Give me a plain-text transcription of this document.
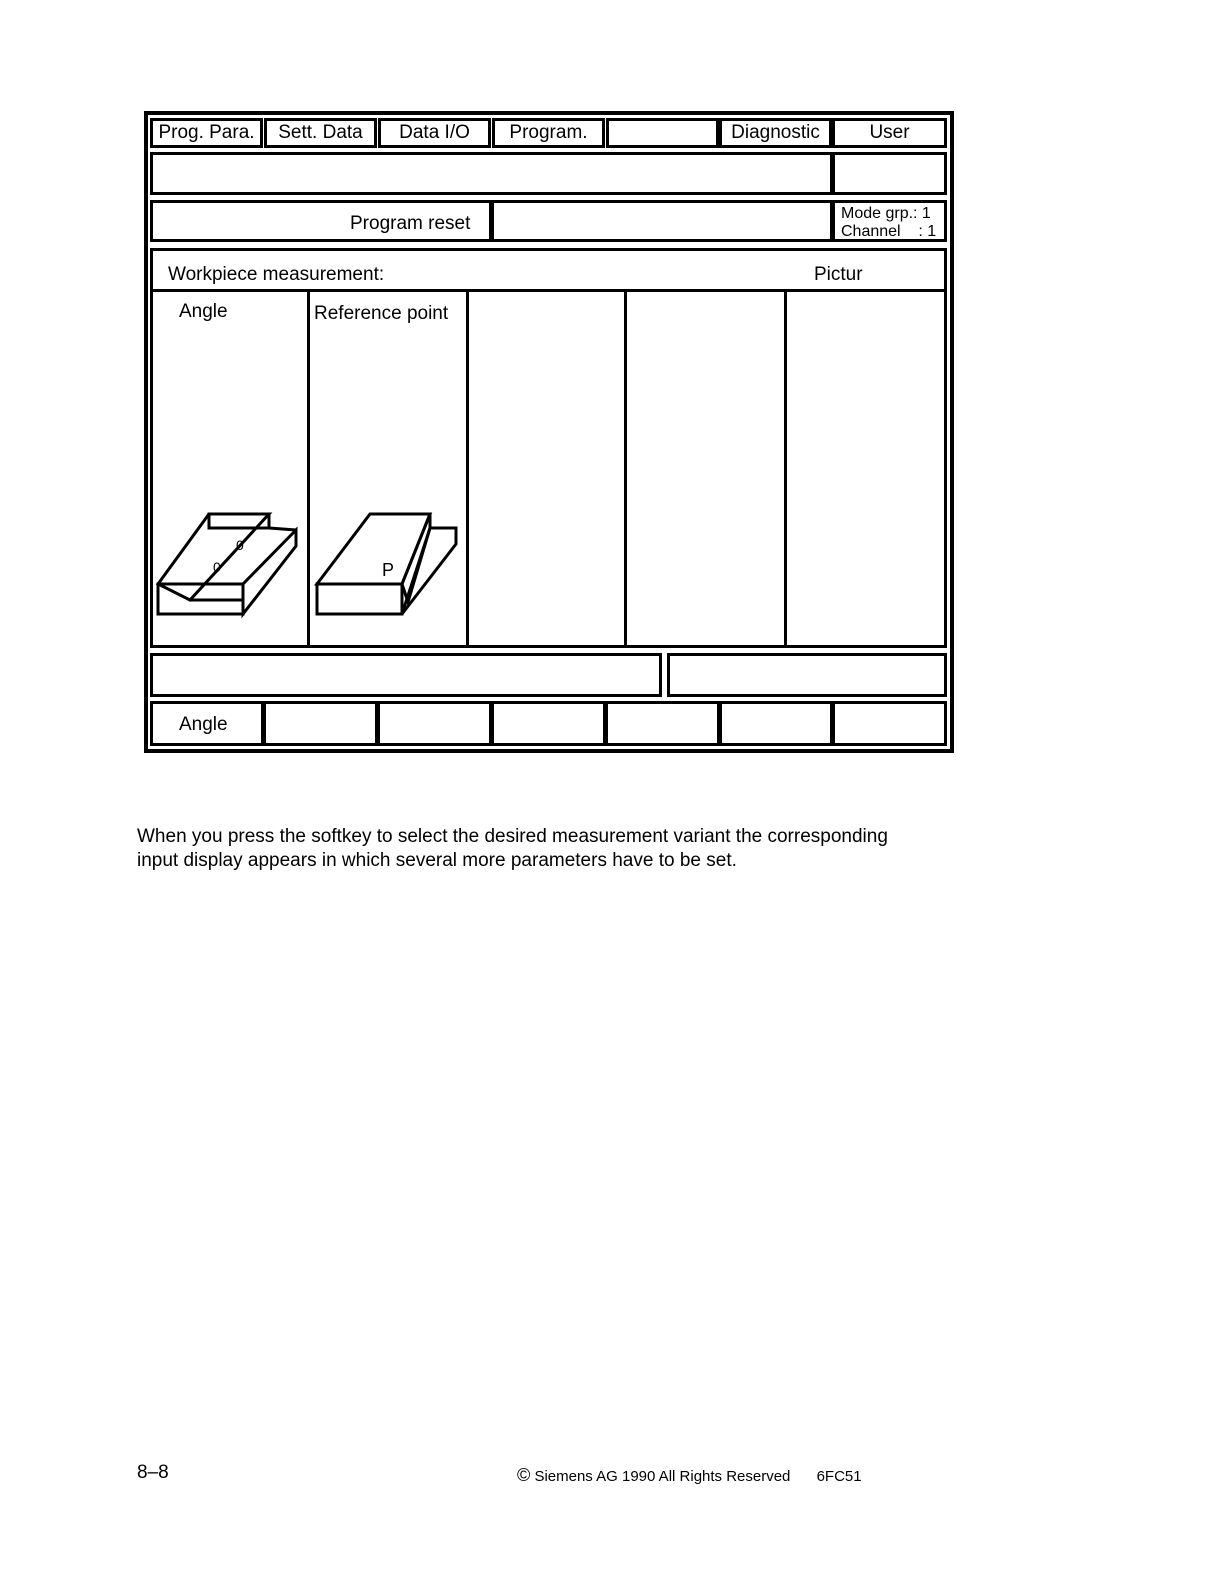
Prog. Para.	Sett. Data	Data I/O	Program.	Diagnostic	User
Program reset	Mode grp.: 1
Channel    : 1
Workpiece measurement:	Pictur
Angle
0
0
Reference point
P
Angle
When you press the softkey to select the desired measurement variant the corresponding input display appears in which several more parameters have to be set.
8–8	© Siemens AG 1990 All Rights Reserved 6FC51
